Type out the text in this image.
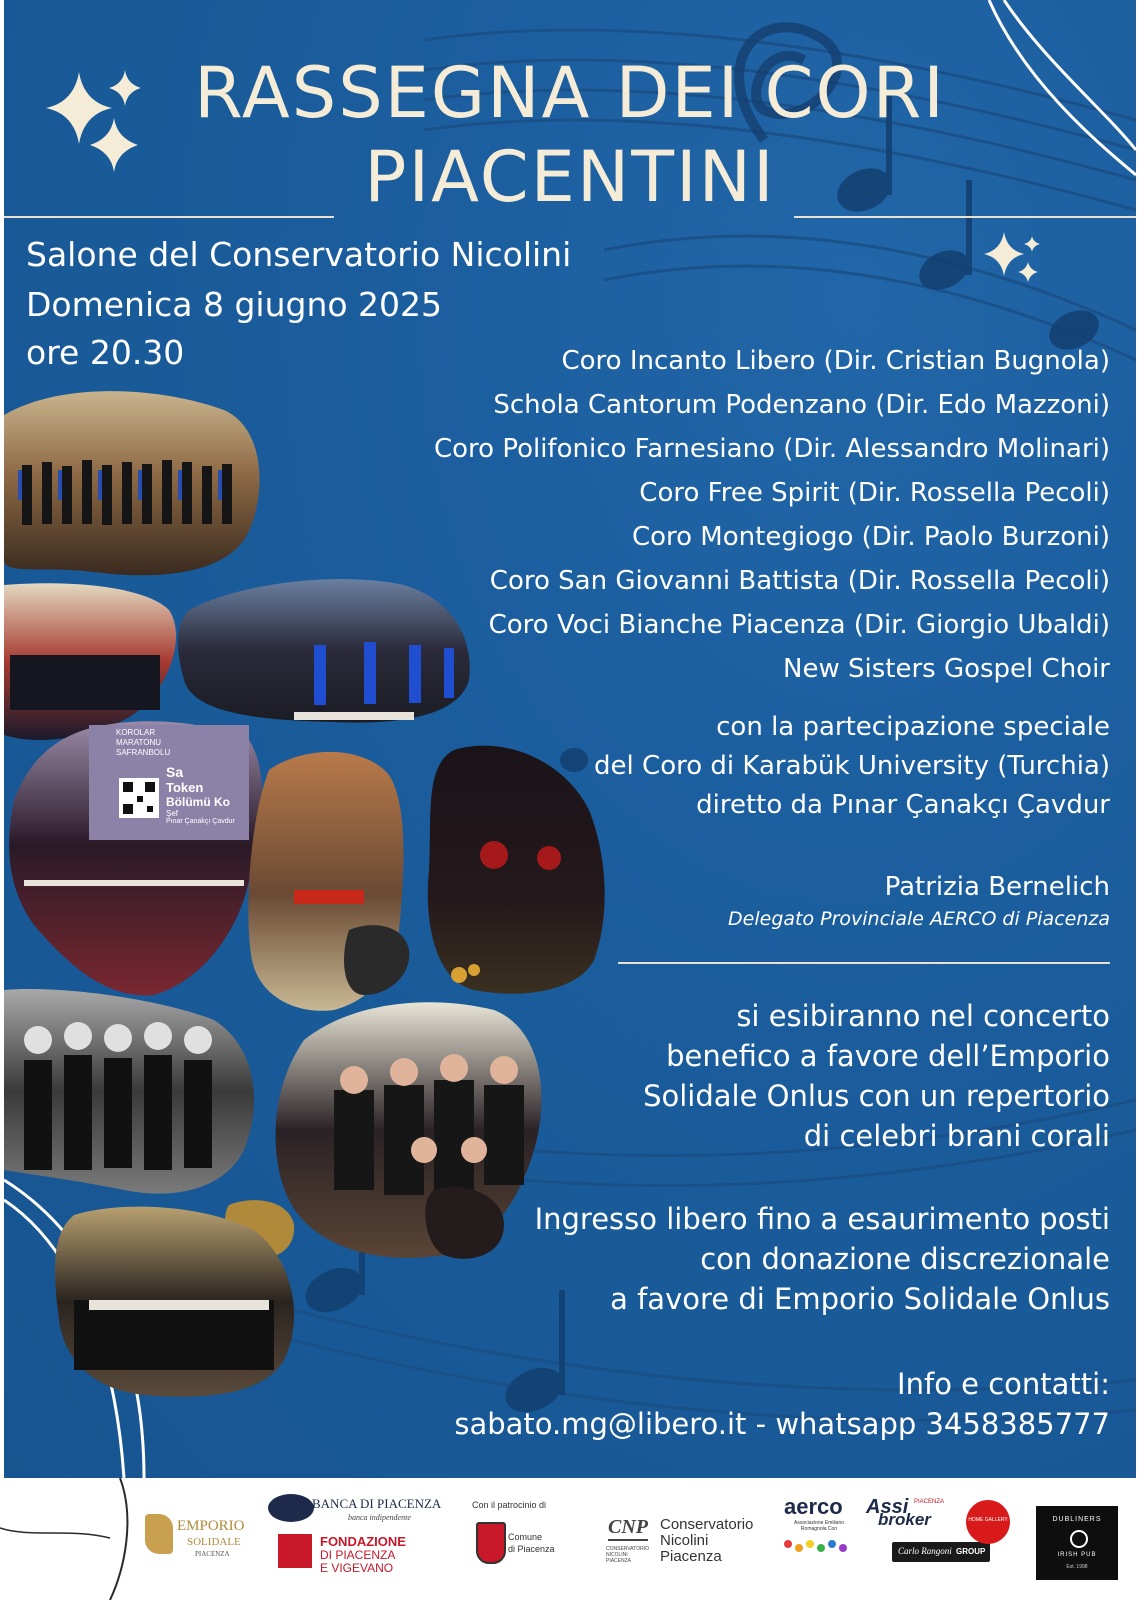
RASSEGNA DEI CORI
PIACENTINI
Salone del Conservatorio Nicolini
Domenica 8 giugno 2025
ore 20.30	Coro Incanto Libero (Dir. Cristian Bugnola)
Schola Cantorum Podenzano (Dir. Edo Mazzoni)
Coro Polifonico Farnesiano (Dir. Alessandro Molinari)
Coro Free Spirit (Dir. Rossella Pecoli)
Coro Montegiogo (Dir. Paolo Burzoni)
Coro San Giovanni Battista (Dir. Rossella Pecoli)
Coro Voci Bianche Piacenza (Dir. Giorgio Ubaldi)
New Sisters Gospel Choir
con la partecipazione speciale
del Coro di Karabük University (Turchia)
diretto da Pınar Çanakçı Çavdur
Patrizia Bernelich
Delegato Provinciale AERCO di Piacenza
si esibiranno nel concerto
benefico a favore dell’Emporio
Solidale Onlus con un repertorio
di celebri brani corali
Ingresso libero fino a esaurimento posti
con donazione discrezionale
a favore di Emporio Solidale Onlus
Info e contatti:
sabato.mg@libero.it - whatsapp 3458385777
KOROLAR MARATONU SAFRANBOLU
Sa
Token
Bölümü Ko
Şef
Pınar Çanakçı Çavdur
EMPORIO
SOLIDALE
PIACENZA
BANCA DI PIACENZA
banca indipendente
FONDAZIONE
DI PIACENZA
E VIGEVANO
Con il patrocinio di
Comune
di Piacenza
CNP
CONSERVATORIO NICOLINI PIACENZA
Conservatorio
Nicolini
Piacenza
aerco
Associazione Emiliano Romagnola Cori
Assi
broker
PIACENZA
Carlo Rangoni GROUP
HOME GALLERY	DUBLINERS
IRISH PUB
Est. 1998
